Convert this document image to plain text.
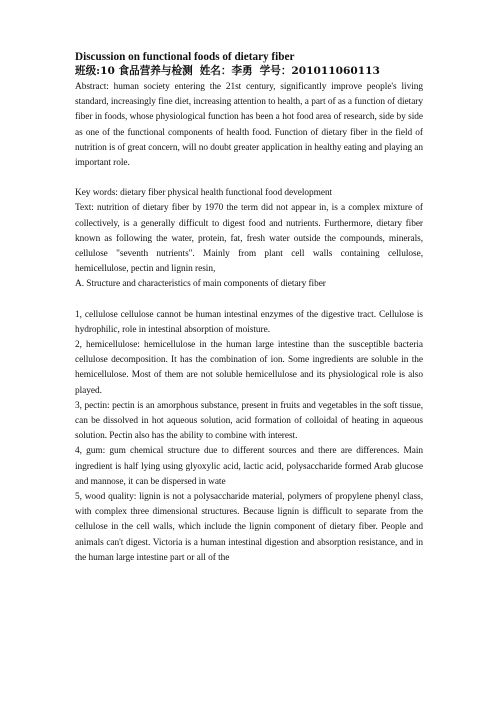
Discussion on functional foods of dietary fiber
班级:10 食品营养与检测 姓名：李勇 学号：201011060113

Abstract: human society entering the 21st century, significantly improve people's living standard, increasingly fine diet, increasing attention to health, a part of as a function of dietary fiber in foods, whose physiological function has been a hot food area of research, side by side as one of the functional components of health food. Function of dietary fiber in the field of nutrition is of great concern, will no doubt greater application in healthy eating and playing an important role.

Key words: dietary fiber physical health functional food development

Text: nutrition of dietary fiber by 1970 the term did not appear in, is a complex mixture of collectively, is a generally difficult to digest food and nutrients. Furthermore, dietary fiber known as following the water, protein, fat, fresh water outside the compounds, minerals, cellulose "seventh nutrients". Mainly from plant cell walls containing cellulose, hemicellulose, pectin and lignin resin,

A. Structure and characteristics of main components of dietary fiber

1, cellulose cellulose cannot be human intestinal enzymes of the digestive tract. Cellulose is hydrophilic, role in intestinal absorption of moisture.

2, hemicellulose: hemicellulose in the human large intestine than the susceptible bacteria cellulose decomposition. It has the combination of ion. Some ingredients are soluble in the hemicellulose. Most of them are not soluble hemicellulose and its physiological role is also played.

3, pectin: pectin is an amorphous substance, present in fruits and vegetables in the soft tissue, can be dissolved in hot aqueous solution, acid formation of colloidal of heating in aqueous solution. Pectin also has the ability to combine with interest.

4, gum: gum chemical structure due to different sources and there are differences. Main ingredient is half lying using glyoxylic acid, lactic acid, polysaccharide formed Arab glucose and mannose, it can be dispersed in wate

5, wood quality: lignin is not a polysaccharide material, polymers of propylene phenyl class, with complex three dimensional structures. Because lignin is difficult to separate from the cellulose in the cell walls, which include the lignin component of dietary fiber. People and animals can't digest. Victoria is a human intestinal digestion and absorption resistance, and in the human large intestine part or all of the
